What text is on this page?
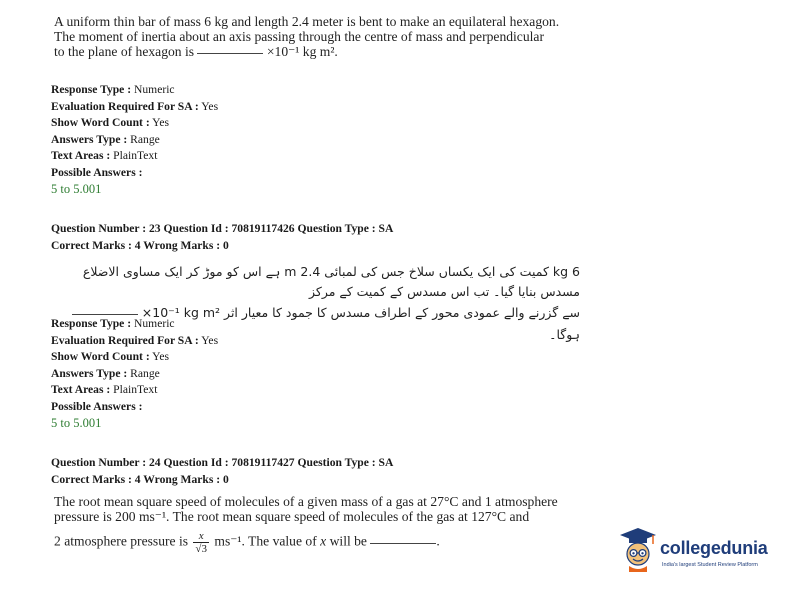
A uniform thin bar of mass 6 kg and length 2.4 meter is bent to make an equilateral hexagon.
The moment of inertia about an axis passing through the centre of mass and perpendicular
to the plane of hexagon is	×10⁻¹ kg m².
Response Type : Numeric
Evaluation Required For SA : Yes
Show Word Count : Yes
Answers Type : Range
Text Areas : PlainText
Possible Answers :
5 to 5.001
Question Number : 23 Question Id : 70819117426 Question Type : SA
Correct Marks : 4 Wrong Marks : 0
6 kg کمیت کی ایک یکساں سلاخ جس کی لمبائی 2.4 m ہے اس کو موڑ کر ایک مساوی الاضلاع مسدس بنایا گیا۔ تب اس مسدس کے کمیت کے مرکز
سے گزرنے والے عمودی محور کے اطراف مسدس کا جمود کا معیار اثر ×10⁻¹ kg m²  ہوگا۔
Response Type : Numeric
Evaluation Required For SA : Yes
Show Word Count : Yes
Answers Type : Range
Text Areas : PlainText
Possible Answers :
5 to 5.001
Question Number : 24 Question Id : 70819117427 Question Type : SA
Correct Marks : 4 Wrong Marks : 0
The root mean square speed of molecules of a given mass of a gas at 27°C and 1 atmosphere
pressure is 200 ms⁻¹. The root mean square speed of molecules of the gas at 127°C and
2 atmosphere pressure is $\frac{x}{√3} ms^{-1}$. The value of x will be	.	collegedunia
India's largest Student Review Platform
